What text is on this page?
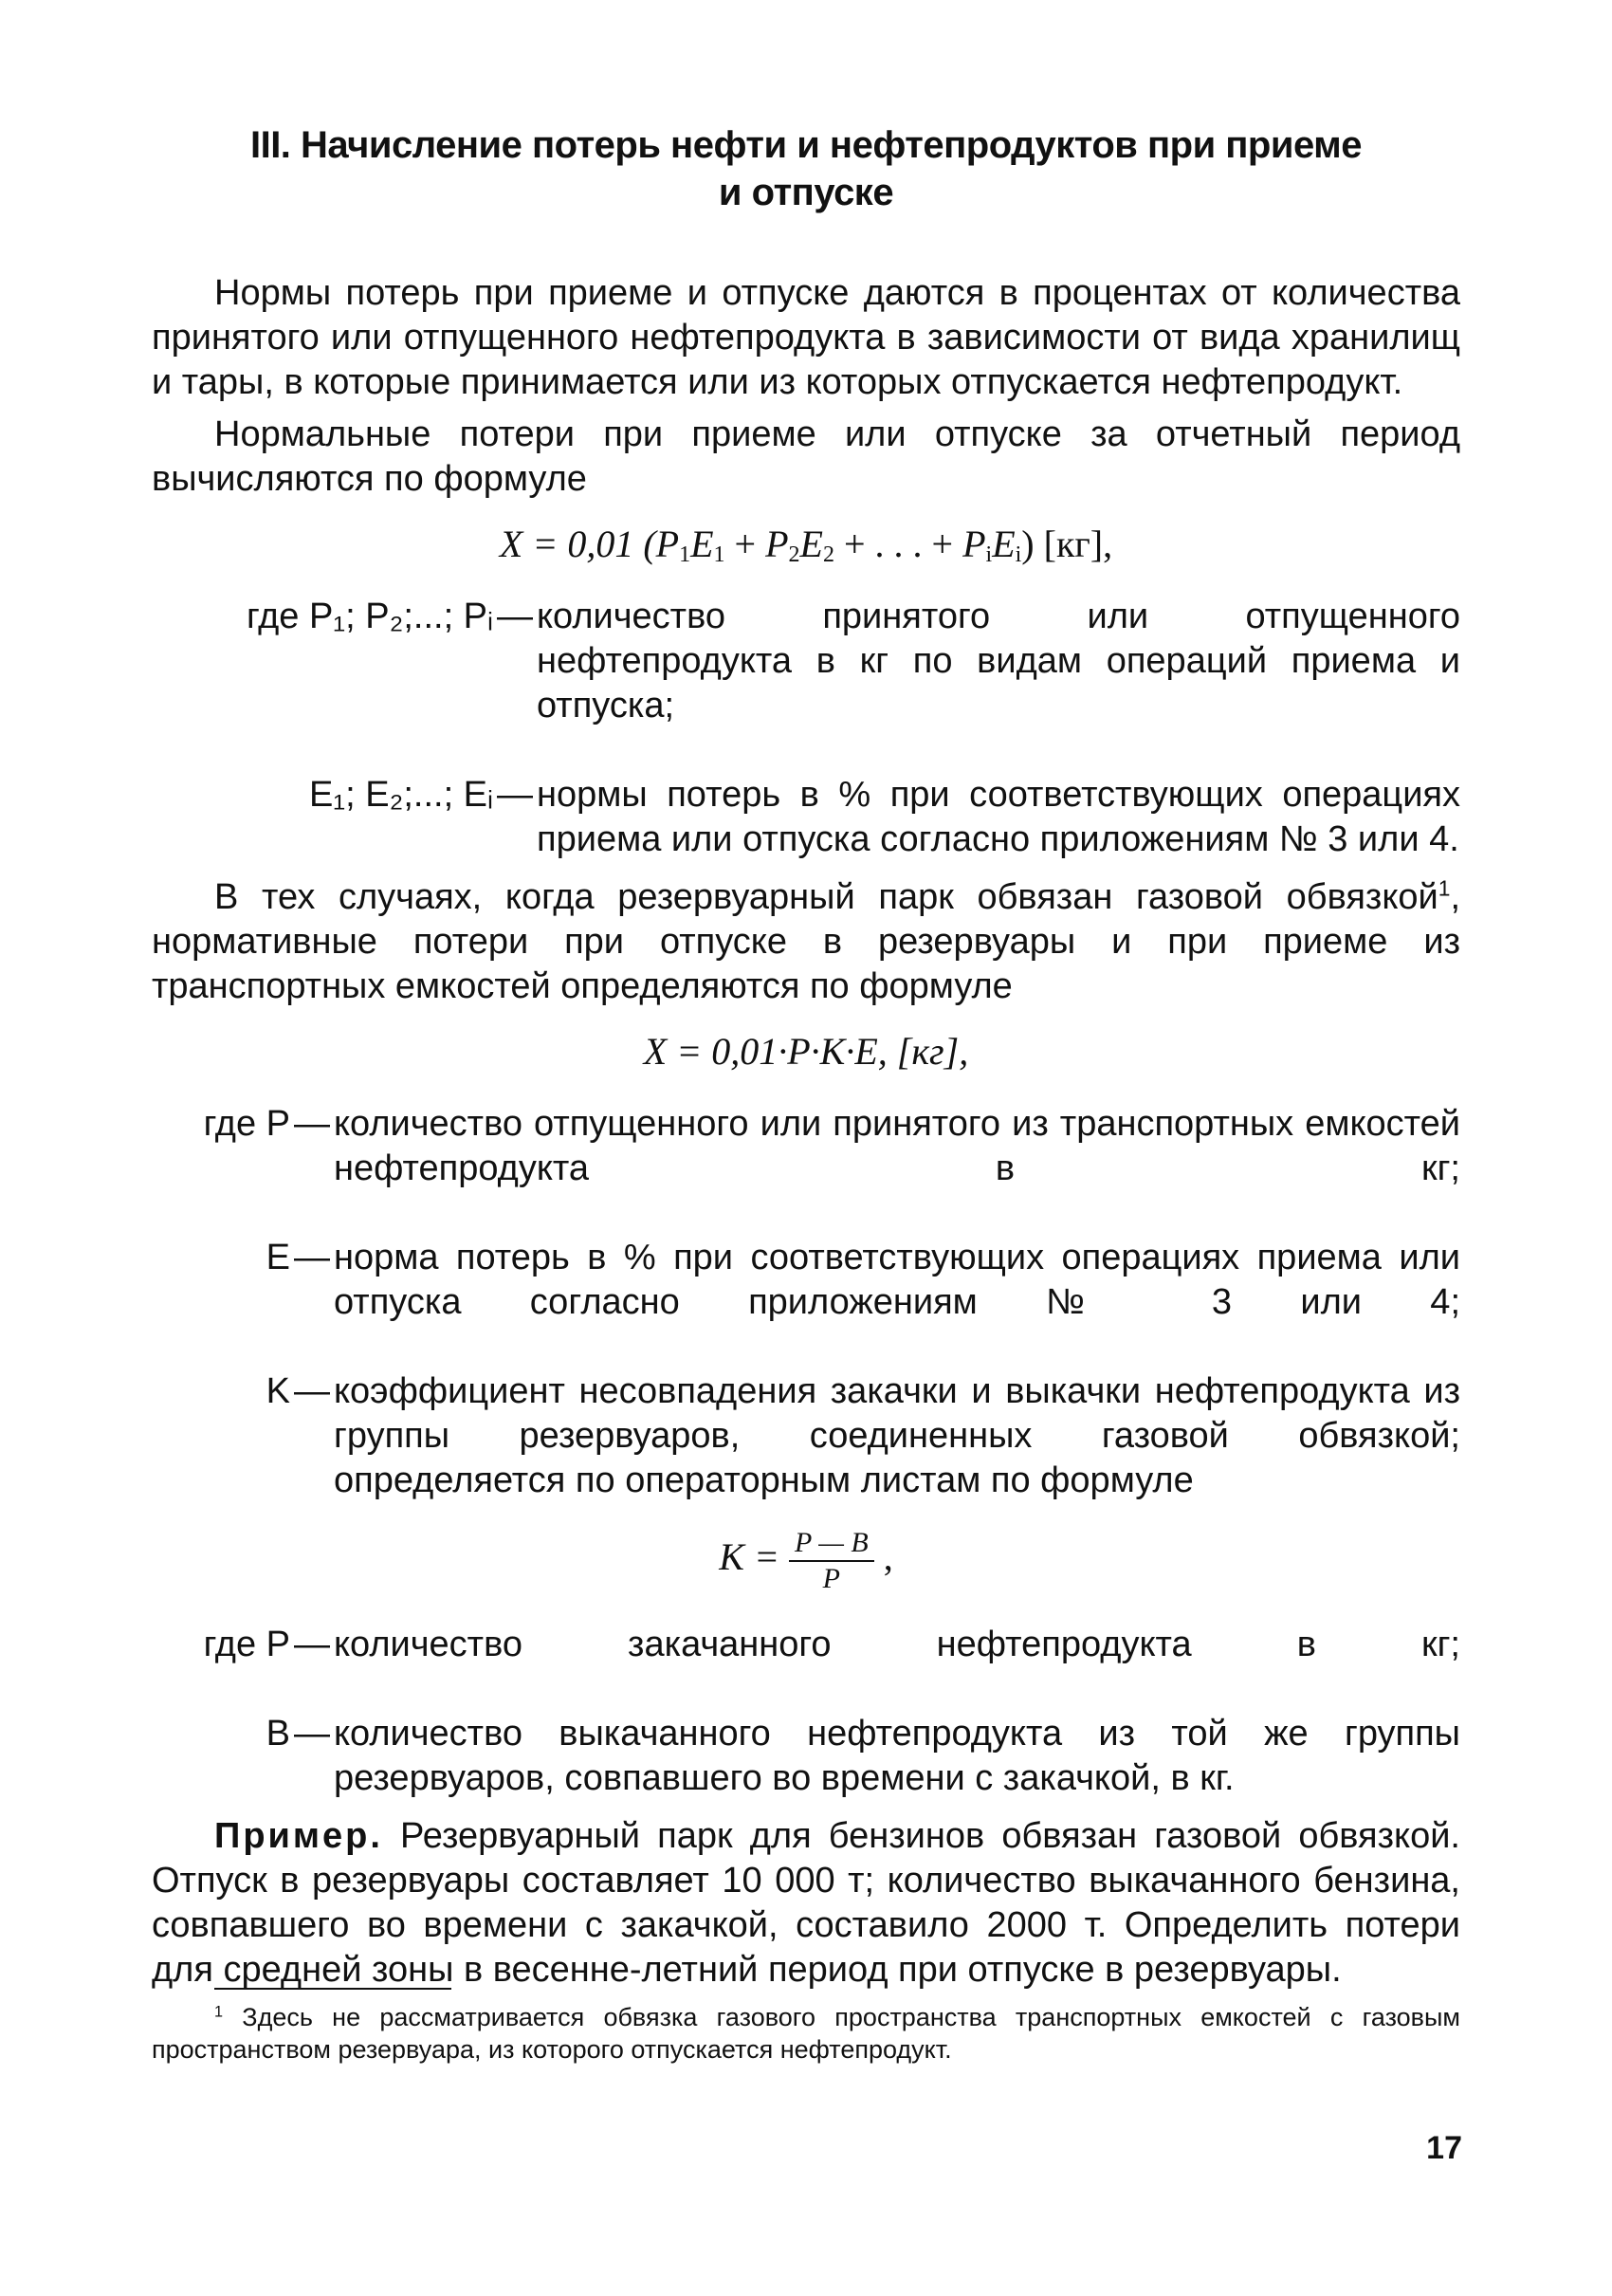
III. Начисление потерь нефти и нефтепродуктов при приеме
и отпуске

Нормы потерь при приеме и отпуске даются в процентах от количества принятого или отпущенного нефтепродукта в зависимости от вида хранилищ и тары, в которые принимается или из которых отпускается нефтепродукт.

Нормальные потери при приеме или отпуске за отчетный период вычисляются по формуле

X = 0,01 ($P_1E_1 + P_2E_2$ + . . . + $P_iE_i$) [кг],
где P₁; P₂;...; Pᵢ — количество принятого или отпущенного нефтепродукта в кг по видам операций приема и отпуска;
E₁; E₂;...; Eᵢ — нормы потерь в % при соответствующих операциях приема или отпуска согласно приложениям № 3 или 4.

В тех случаях, когда резервуарный парк обвязан газовой обвязкой$^1$, нормативные потери при отпуске в резервуары и при приеме из транспортных емкостей определяются по формуле

X = 0,01·P·K·E, [кг],
где P — количество отпущенного или принятого из транспортных емкостей нефтепродукта в кг;
E — норма потерь в % при соответствующих операциях приема или отпуска согласно приложениям № 3 или 4;
K — коэффициент несовпадения закачки и выкачки нефтепродукта из группы резервуаров, соединенных газовой обвязкой; определяется по операторным листам по формуле
$K = \frac{P — B}{P}$ ,
где P — количество закачанного нефтепродукта в кг;
B — количество выкачанного нефтепродукта из той же группы резервуаров, совпавшего во времени с закачкой, в кг.

Пример. Резервуарный парк для бензинов обвязан газовой обвязкой. Отпуск в резервуары составляет 10 000 т; количество выкачанного бензина, совпавшего во времени с закачкой, составило 2000 т. Определить потери для средней зоны в весенне-летний период при отпуске в резервуары.

$^1$ Здесь не рассматривается обвязка газового пространства транспортных емкостей с газовым пространством резервуара, из которого отпускается нефтепродукт.
17
